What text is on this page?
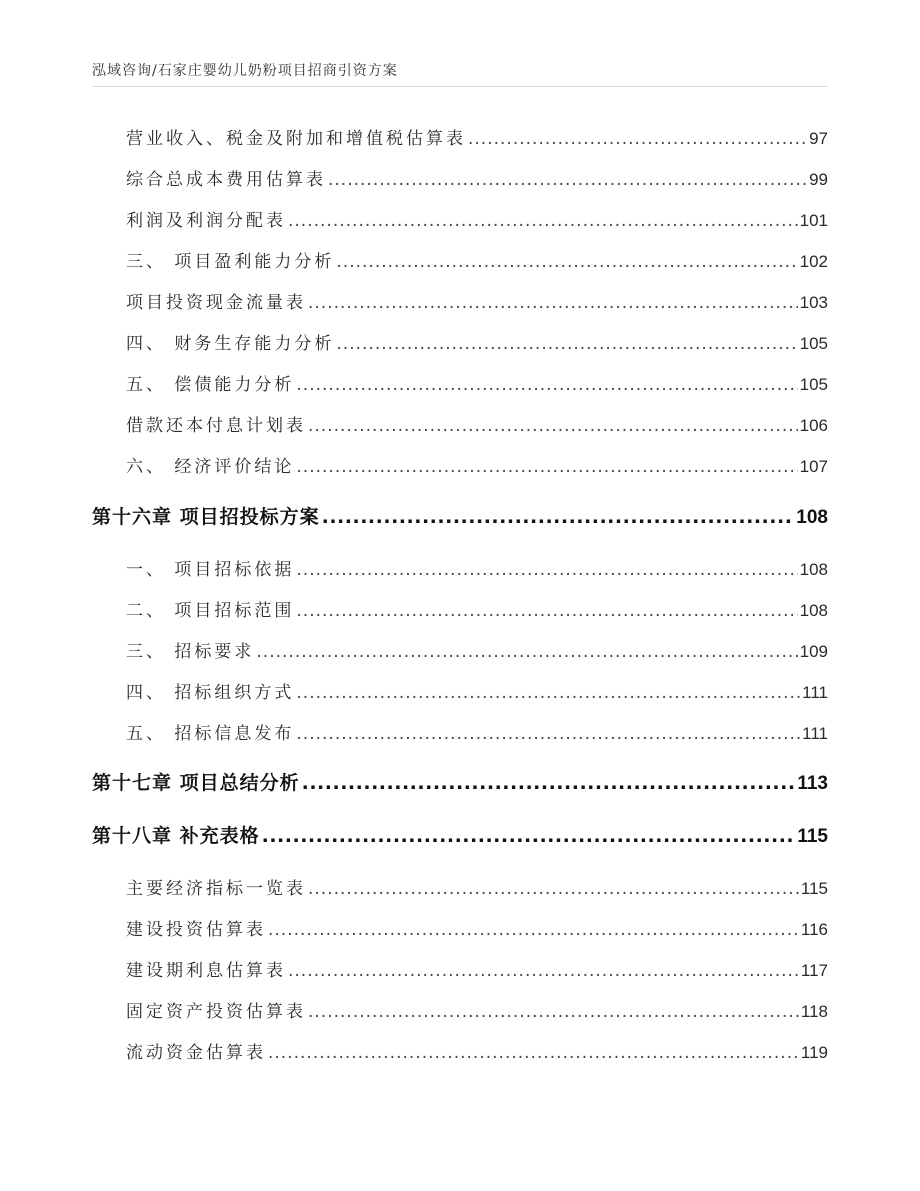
泓域咨询/石家庄婴幼儿奶粉项目招商引资方案
营业收入、税金及附加和增值税估算表 .....	97
综合总成本费用估算表 .....	99
利润及利润分配表 .....	101
三、 项目盈利能力分析 .....	102
项目投资现金流量表 .....	103
四、 财务生存能力分析 .....	105
五、 偿债能力分析 .....	105
借款还本付息计划表 .....	106
六、 经济评价结论 .....	107
第十六章 项目招投标方案 .....	108
一、 项目招标依据 .....	108
二、 项目招标范围 .....	108
三、 招标要求 .....	109
四、 招标组织方式 .....	111
五、 招标信息发布 .....	111
第十七章 项目总结分析 .....	113
第十八章 补充表格 .....	115
主要经济指标一览表 .....	115
建设投资估算表 .....	116
建设期利息估算表 .....	117
固定资产投资估算表 .....	118
流动资金估算表 .....	119
